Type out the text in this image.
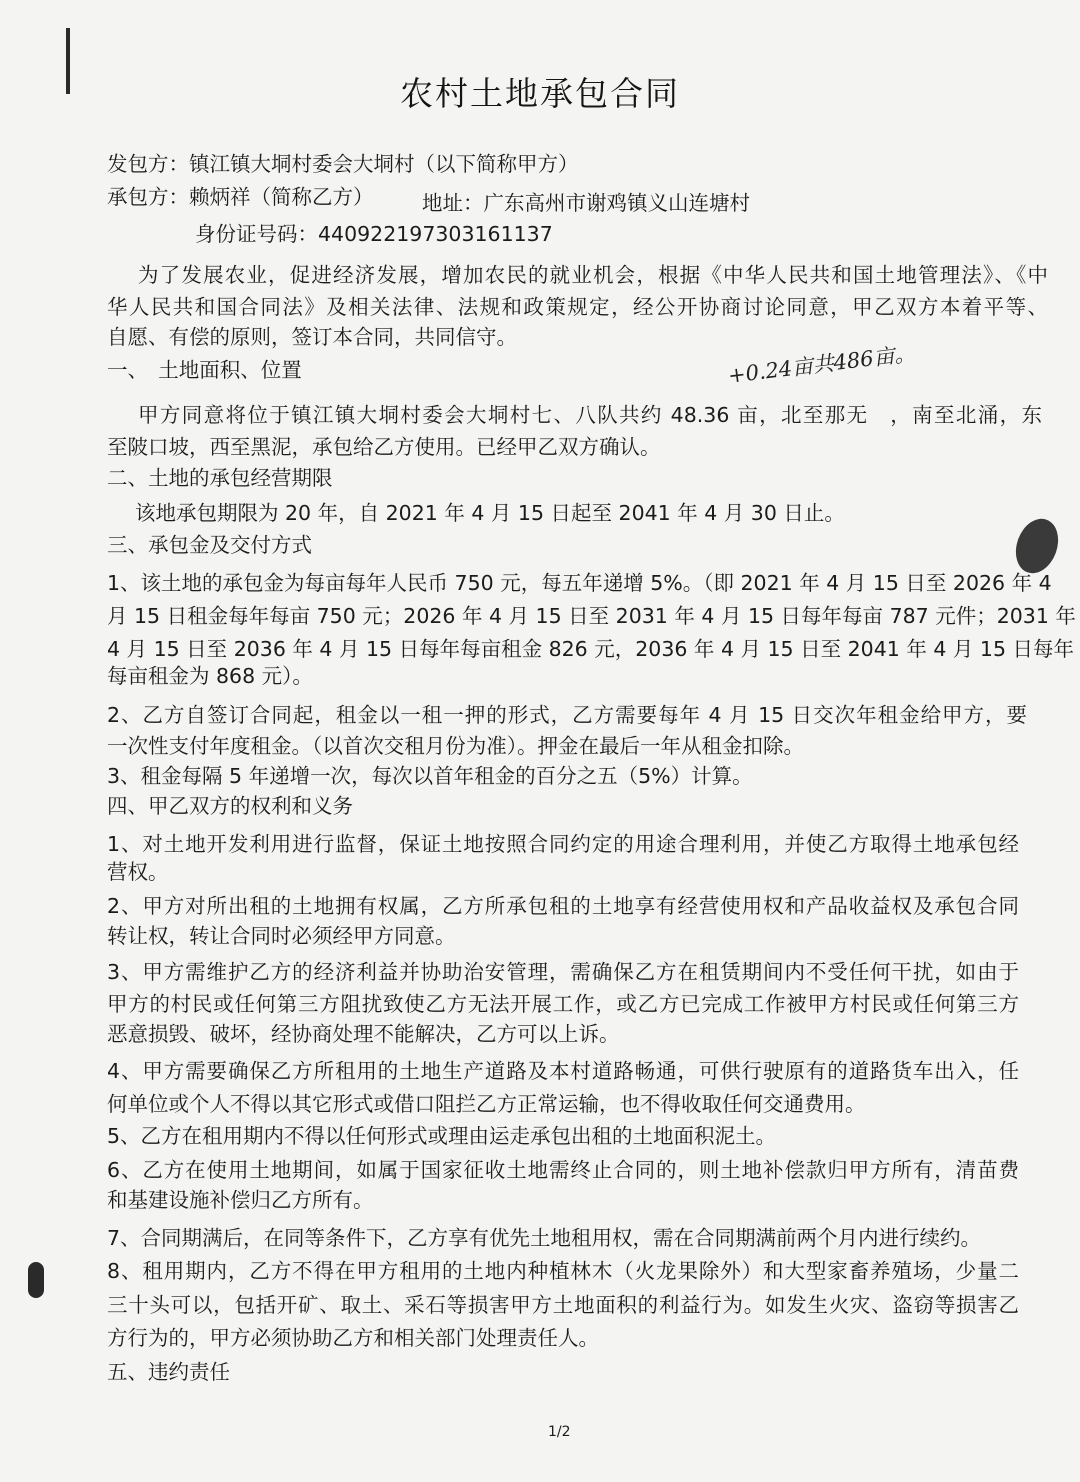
农村土地承包合同
发包方：镇江镇大垌村委会大垌村（以下简称甲方）
承包方：赖炳祥（简称乙方） 地址：广东高州市谢鸡镇义山连塘村
身份证号码：440922197303161137
为了发展农业，促进经济发展，增加农民的就业机会，根据《中华人民共和国土地管理法》、《中
华人民共和国合同法》及相关法律、法规和政策规定，经公开协商讨论同意，甲乙双方本着平等、
自愿、有偿的原则，签订本合同，共同信守。
一、　土地面积、位置	+0.24亩共486亩。
甲方同意将位于镇江镇大垌村委会大垌村七、八队共约 48.36 亩，北至那无　，南至北涌，东
至陂口坡，西至黑泥，承包给乙方使用。已经甲乙双方确认。
二、土地的承包经营期限
该地承包期限为 20 年，自 2021 年 4 月 15 日起至 2041 年 4 月 30 日止。
三、承包金及交付方式
1、该土地的承包金为每亩每年人民币 750 元，每五年递增 5%。（即 2021 年 4 月 15 日至 2026 年 4
月 15 日租金每年每亩 750 元；2026 年 4 月 15 日至 2031 年 4 月 15 日每年每亩 787 元件；2031 年
4 月 15 日至 2036 年 4 月 15 日每年每亩租金 826 元，2036 年 4 月 15 日至 2041 年 4 月 15 日每年
每亩租金为 868 元）。
2、乙方自签订合同起，租金以一租一押的形式，乙方需要每年 4 月 15 日交次年租金给甲方，要
一次性支付年度租金。（以首次交租月份为准）。押金在最后一年从租金扣除。
3、租金每隔 5 年递增一次，每次以首年租金的百分之五（5%）计算。
四、甲乙双方的权利和义务
1、对土地开发利用进行监督，保证土地按照合同约定的用途合理利用，并使乙方取得土地承包经
营权。
2、甲方对所出租的土地拥有权属，乙方所承包租的土地享有经营使用权和产品收益权及承包合同
转让权，转让合同时必须经甲方同意。
3、甲方需维护乙方的经济利益并协助治安管理，需确保乙方在租赁期间内不受任何干扰，如由于
甲方的村民或任何第三方阻扰致使乙方无法开展工作，或乙方已完成工作被甲方村民或任何第三方
恶意损毁、破坏，经协商处理不能解决，乙方可以上诉。
4、甲方需要确保乙方所租用的土地生产道路及本村道路畅通，可供行驶原有的道路货车出入，任
何单位或个人不得以其它形式或借口阻拦乙方正常运输，也不得收取任何交通费用。
5、乙方在租用期内不得以任何形式或理由运走承包出租的土地面积泥土。
6、乙方在使用土地期间，如属于国家征收土地需终止合同的，则土地补偿款归甲方所有，清苗费
和基建设施补偿归乙方所有。
7、合同期满后，在同等条件下，乙方享有优先土地租用权，需在合同期满前两个月内进行续约。
8、租用期内，乙方不得在甲方租用的土地内种植林木（火龙果除外）和大型家畜养殖场，少量二
三十头可以，包括开矿、取土、采石等损害甲方土地面积的利益行为。如发生火灾、盗窃等损害乙
方行为的，甲方必须协助乙方和相关部门处理责任人。
五、违约责任
1/2
